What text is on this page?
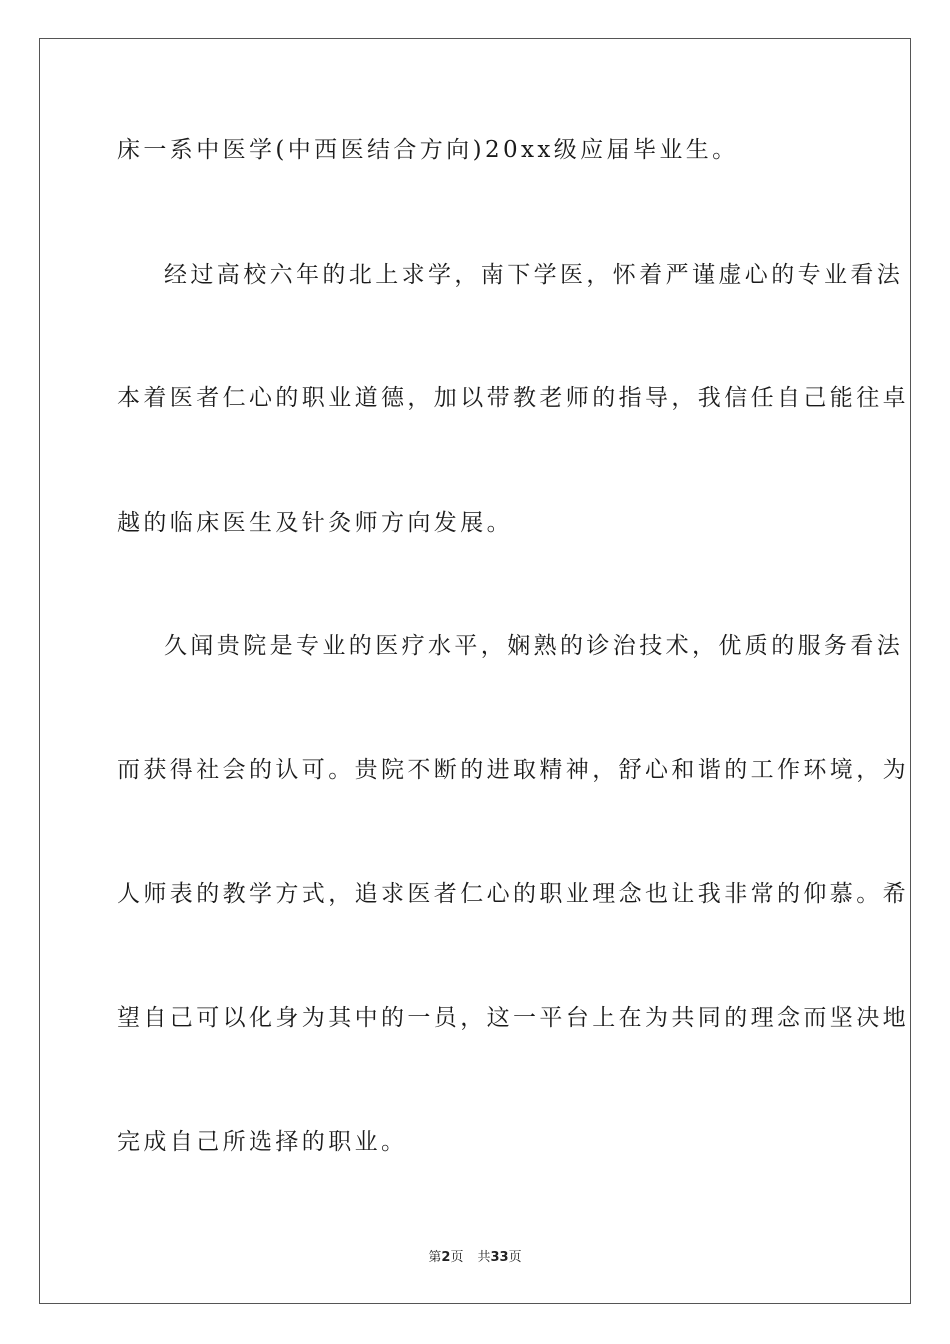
床一系中医学(中西医结合方向)20xx级应届毕业生。
经过高校六年的北上求学，南下学医，怀着严谨虚心的专业看法
本着医者仁心的职业道德，加以带教老师的指导，我信任自己能往卓
越的临床医生及针灸师方向发展。
久闻贵院是专业的医疗水平，娴熟的诊治技术，优质的服务看法
而获得社会的认可。贵院不断的进取精神，舒心和谐的工作环境，为
人师表的教学方式，追求医者仁心的职业理念也让我非常的仰慕。希
望自己可以化身为其中的一员，这一平台上在为共同的理念而坚决地
完成自己所选择的职业。
第2页 共33页
